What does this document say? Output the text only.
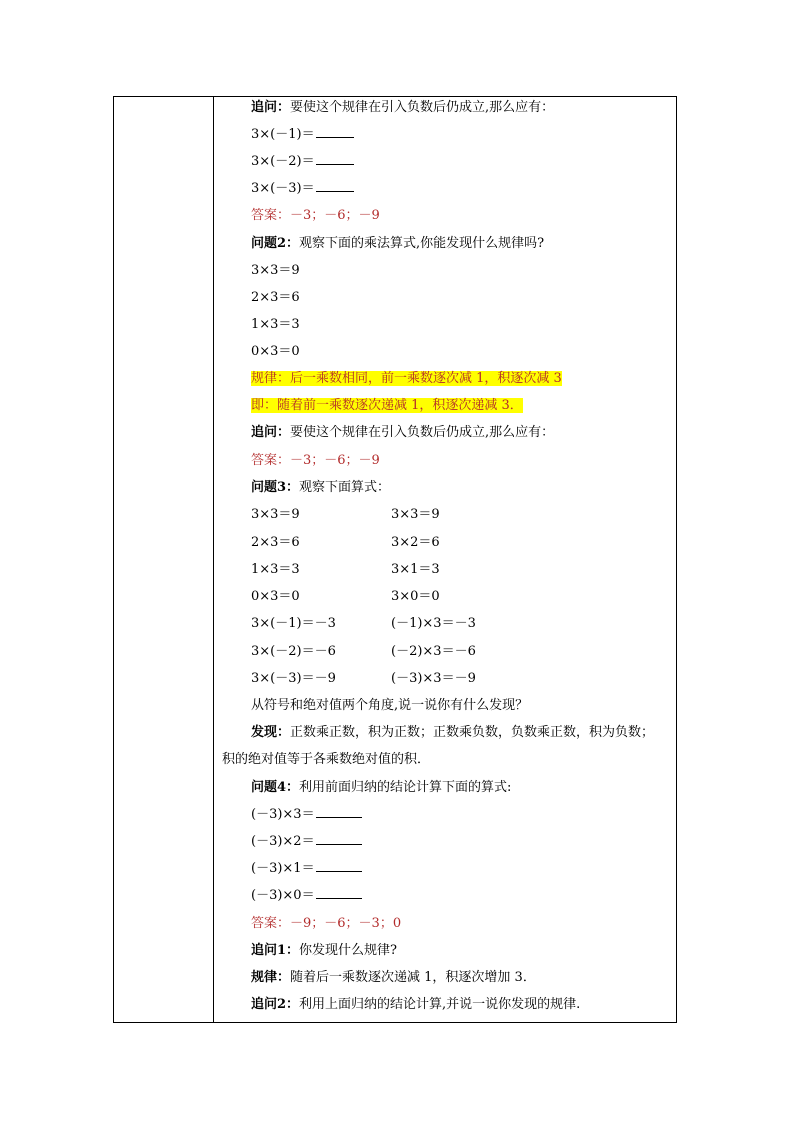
追问：要使这个规律在引入负数后仍成立,那么应有：
3×(－1)＝
3×(－2)＝
3×(－3)＝
答案：－3；－6；－9
问题2：观察下面的乘法算式,你能发现什么规律吗?
3×3＝9
2×3＝6
1×3＝3
0×3＝0
规律：后一乘数相同，前一乘数逐次减 1，积逐次减 3
即：随着前一乘数逐次递减 1，积逐次递减 3．
追问：要使这个规律在引入负数后仍成立,那么应有：
答案：－3；－6；－9
问题3：观察下面算式：
3×3＝9	3×3＝9
2×3＝6	3×2＝6
1×3＝3	3×1＝3
0×3＝0	3×0＝0
3×(－1)＝－3	(－1)×3＝－3
3×(－2)＝－6	(－2)×3＝－6
3×(－3)＝－9	(－3)×3＝－9
从符号和绝对值两个角度,说一说你有什么发现？
发现：正数乘正数，积为正数；正数乘负数，负数乘正数，积为负数；
积的绝对值等于各乘数绝对值的积．
问题4：利用前面归纳的结论计算下面的算式:
(－3)×3＝
(－3)×2＝
(－3)×1＝
(－3)×0＝
答案：－9；－6；－3；0
追问1：你发现什么规律?
规律：随着后一乘数逐次递减 1，积逐次增加 3．
追问2：利用上面归纳的结论计算,并说一说你发现的规律.
